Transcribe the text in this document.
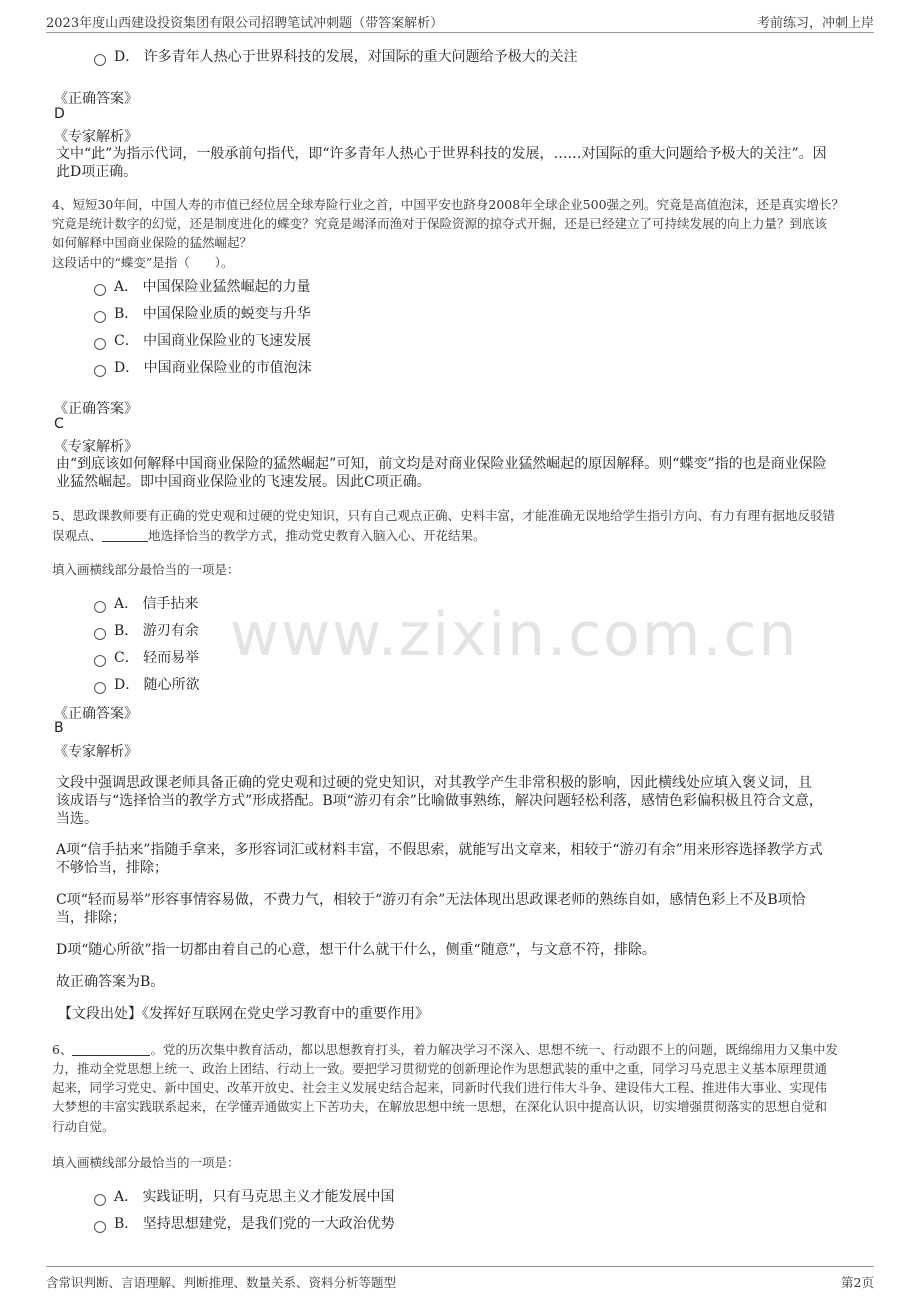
2023年度山西建设投资集团有限公司招聘笔试冲刺题（带答案解析）	考前练习，冲刺上岸
www.zixin.com.cn
D． 许多青年人热心于世界科技的发展，对国际的重大问题给予极大的关注
《正确答案》
D
《专家解析》
文中“此”为指示代词，一般承前句指代，即“许多青年人热心于世界科技的发展，……对国际的重大问题给予极大的关注”。因
此D项正确。
4、短短30年间，中国人寿的市值已经位居全球寿险行业之首，中国平安也跻身2008年全球企业500强之列。究竟是高值泡沫，还是真实增长？
究竟是统计数字的幻觉，还是制度进化的蝶变？究竟是竭泽而渔对于保险资源的掠夺式开掘，还是已经建立了可持续发展的向上力量？到底该
如何解释中国商业保险的猛然崛起？
这段话中的“蝶变”是指（　　）。
A． 中国保险业猛然崛起的力量
B． 中国保险业质的蜕变与升华
C． 中国商业保险业的飞速发展
D． 中国商业保险业的市值泡沫
《正确答案》
C
《专家解析》
由“到底该如何解释中国商业保险的猛然崛起”可知，前文均是对商业保险业猛然崛起的原因解释。则“蝶变”指的也是商业保险
业猛然崛起。即中国商业保险业的飞速发展。因此C项正确。
5、思政课教师要有正确的党史观和过硬的党史知识，只有自己观点正确、史料丰富，才能准确无误地给学生指引方向、有力有理有据地反驳错
误观点、	地选择恰当的教学方式，推动党史教育入脑入心、开花结果。
填入画横线部分最恰当的一项是：
A． 信手拈来
B． 游刃有余
C． 轻而易举
D． 随心所欲
《正确答案》
B
《专家解析》
文段中强调思政课老师具备正确的党史观和过硬的党史知识，对其教学产生非常积极的影响，因此横线处应填入褒义词，且
该成语与“选择恰当的教学方式”形成搭配。B项“游刃有余”比喻做事熟练，解决问题轻松利落，感情色彩偏积极且符合文意，
当选。
A项“信手拈来”指随手拿来，多形容词汇或材料丰富，不假思索，就能写出文章来，相较于“游刃有余”用来形容选择教学方式
不够恰当，排除；
C项“轻而易举”形容事情容易做，不费力气，相较于“游刃有余”无法体现出思政课老师的熟练自如，感情色彩上不及B项恰
当，排除；
D项“随心所欲”指一切都由着自己的心意，想干什么就干什么，侧重“随意”，与文意不符，排除。
故正确答案为B。
【文段出处】《发挥好互联网在党史学习教育中的重要作用》
6、	。党的历次集中教育活动，都以思想教育打头，着力解决学习不深入、思想不统一、行动跟不上的问题，既绵绵用力又集中发
力，推动全党思想上统一、政治上团结、行动上一致。要把学习贯彻党的创新理论作为思想武装的重中之重，同学习马克思主义基本原理贯通
起来，同学习党史、新中国史、改革开放史、社会主义发展史结合起来，同新时代我们进行伟大斗争、建设伟大工程、推进伟大事业、实现伟
大梦想的丰富实践联系起来，在学懂弄通做实上下苦功夫，在解放思想中统一思想，在深化认识中提高认识，切实增强贯彻落实的思想自觉和
行动自觉。
填入画横线部分最恰当的一项是：
A． 实践证明，只有马克思主义才能发展中国
B． 坚持思想建党，是我们党的一大政治优势
含常识判断、言语理解、判断推理、数量关系、资料分析等题型	第2页
